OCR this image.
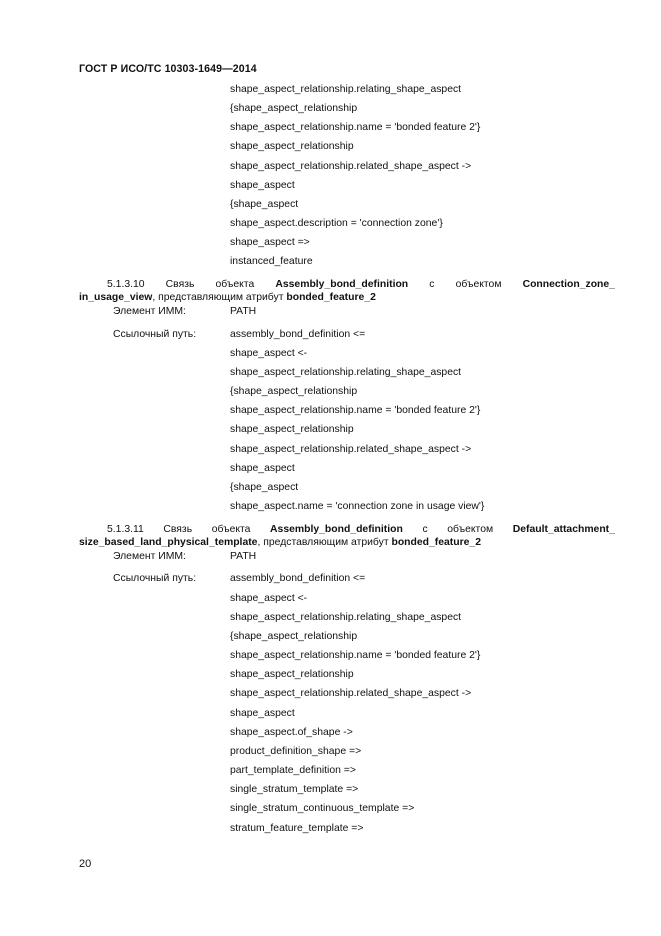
ГОСТ Р ИСО/ТС 10303-1649—2014
shape_aspect_relationship.relating_shape_aspect
{shape_aspect_relationship
shape_aspect_relationship.name = 'bonded feature 2'}
shape_aspect_relationship
shape_aspect_relationship.related_shape_aspect ->
shape_aspect
{shape_aspect
shape_aspect.description = 'connection zone'}
shape_aspect =>
instanced_feature
5.1.3.10 Связь объекта Assembly_bond_definition с объектом Connection_zone_
in_usage_view, представляющим атрибут bonded_feature_2
Элемент ИММ:	PATH
Ссылочный путь:	assembly_bond_definition <=
shape_aspect <-
shape_aspect_relationship.relating_shape_aspect
{shape_aspect_relationship
shape_aspect_relationship.name = 'bonded feature 2'}
shape_aspect_relationship
shape_aspect_relationship.related_shape_aspect ->
shape_aspect
{shape_aspect
shape_aspect.name = 'connection zone in usage view'}
5.1.3.11 Связь объекта Assembly_bond_definition с объектом Default_attachment_
size_based_land_physical_template, представляющим атрибут bonded_feature_2
Элемент ИММ:	PATH
Ссылочный путь:	assembly_bond_definition <=
shape_aspect <-
shape_aspect_relationship.relating_shape_aspect
{shape_aspect_relationship
shape_aspect_relationship.name = 'bonded feature 2'}
shape_aspect_relationship
shape_aspect_relationship.related_shape_aspect ->
shape_aspect
shape_aspect.of_shape ->
product_definition_shape =>
part_template_definition =>
single_stratum_template =>
single_stratum_continuous_template =>
stratum_feature_template =>
20
